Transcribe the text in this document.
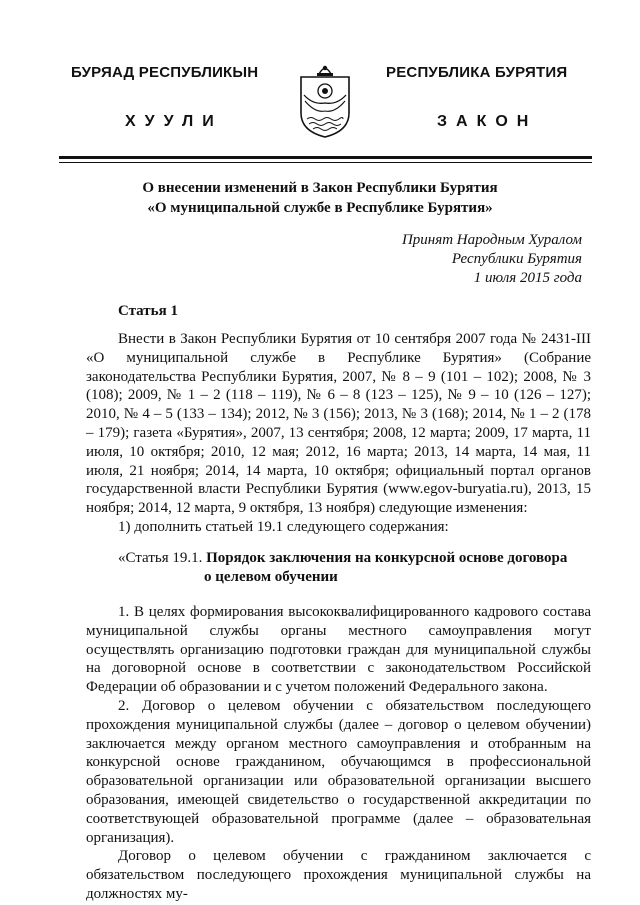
БУРЯАД РЕСПУБЛИКЫН
ХУУЛИ
РЕСПУБЛИКА БУРЯТИЯ
ЗАКОН
О внесении изменений в Закон Республики Бурятия
«О муниципальной службе в Республике Бурятия»
Принят Народным Хуралом
Республики Бурятия
1 июля 2015 года
Статья 1

Внести в Закон Республики Бурятия от 10 сентября 2007 года № 2431-III «О муниципальной службе в Республике Бурятия» (Собрание законодательства Республики Бурятия, 2007, № 8 – 9 (101 – 102); 2008, № 3 (108); 2009, № 1 – 2 (118 – 119), № 6 – 8 (123 – 125), № 9 – 10 (126 – 127); 2010, № 4 – 5 (133 – 134); 2012, № 3 (156); 2013, № 3 (168); 2014, № 1 – 2 (178 – 179); газета «Бурятия», 2007, 13 сентября; 2008, 12 марта; 2009, 17 марта, 11 июля, 10 октября; 2010, 12 мая; 2012, 16 марта; 2013, 14 марта, 14 мая, 11 июля, 21 ноября; 2014, 14 марта, 10 октября; официальный портал органов государственной власти Республики Бурятия (www.egov-buryatia.ru), 2013, 15 ноября; 2014, 12 марта, 9 октября, 13 ноября) следующие изменения:

1) дополнить статьей 19.1 следующего содержания:

«Статья 19.1. Порядок заключения на конкурсной основе договора
о целевом обучении

1. В целях формирования высококвалифицированного кадрового состава муниципальной службы органы местного самоуправления могут осуществлять организацию подготовки граждан для муниципальной службы на договорной основе в соответствии с законодательством Российской Федерации об образовании и с учетом положений Федерального закона.

2. Договор о целевом обучении с обязательством последующего прохождения муниципальной службы (далее – договор о целевом обучении) заключается между органом местного самоуправления и отобранным на конкурсной основе гражданином, обучающимся в профессиональной образовательной организации или образовательной организации высшего образования, имеющей свидетельство о государственной аккредитации по соответствующей образовательной программе (далее – образовательная организация).

Договор о целевом обучении с гражданином заключается с обязательством последующего прохождения муниципальной службы на должностях му-
